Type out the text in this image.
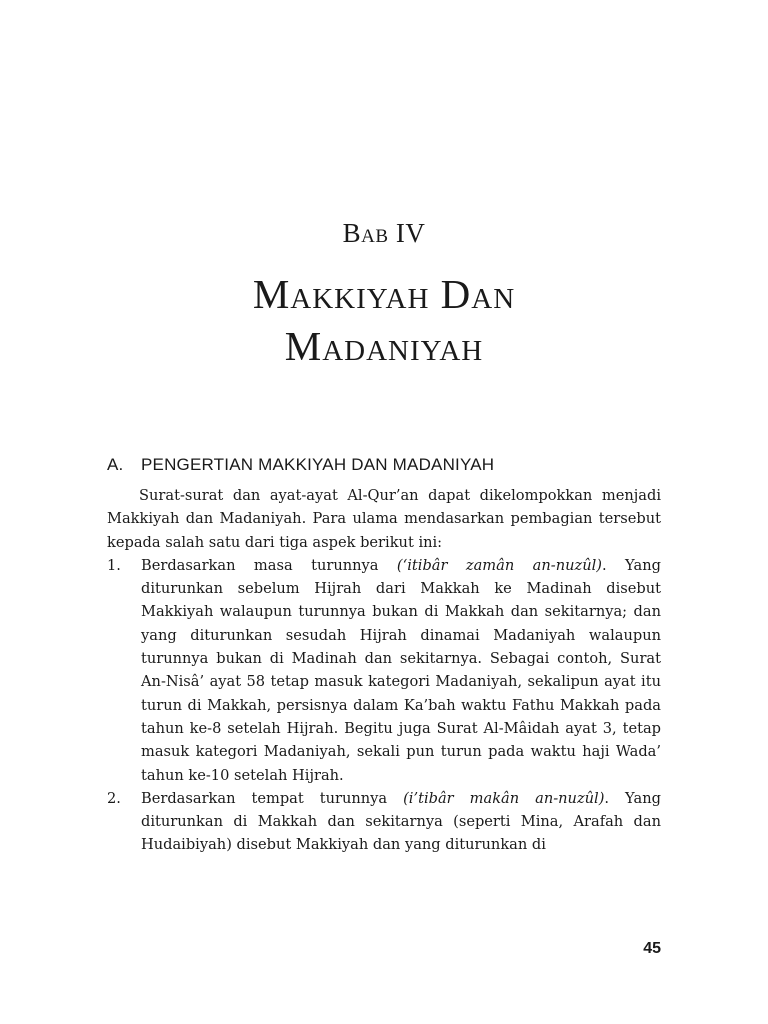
Bab IV
Makkiyah Dan
Madaniyah
A. PENGERTIAN MAKKIYAH DAN MADANIYAH

Surat-surat dan ayat-ayat Al-Qur’an dapat dikelompokkan menjadi Makkiyah dan Madaniyah. Para ulama mendasarkan pembagian tersebut kepada salah satu dari tiga aspek berikut ini:

1. Berdasarkan masa turunnya (‘itibâr zamân an-nuzûl). Yang diturunkan sebelum Hijrah dari Makkah ke Madinah disebut Makkiyah walaupun turunnya bukan di Makkah dan sekitarnya; dan yang diturunkan sesudah Hijrah dinamai Madaniyah walaupun turunnya bukan di Madinah dan sekitarnya. Sebagai contoh, Surat An-Nisâ’ ayat 58 tetap masuk kategori Madaniyah, sekalipun ayat itu turun di Makkah, persisnya dalam Ka’bah waktu Fathu Makkah pada tahun ke-8 setelah Hijrah. Begitu juga Surat Al-Mâidah ayat 3, tetap masuk kategori Madaniyah, sekali pun turun pada waktu haji Wada’ tahun ke-10 setelah Hijrah.
2. Berdasarkan tempat turunnya (i’tibâr makân an-nuzûl). Yang diturunkan di Makkah dan sekitarnya (seperti Mina, Arafah dan Hudaibiyah) disebut Makkiyah dan yang diturunkan di
45
